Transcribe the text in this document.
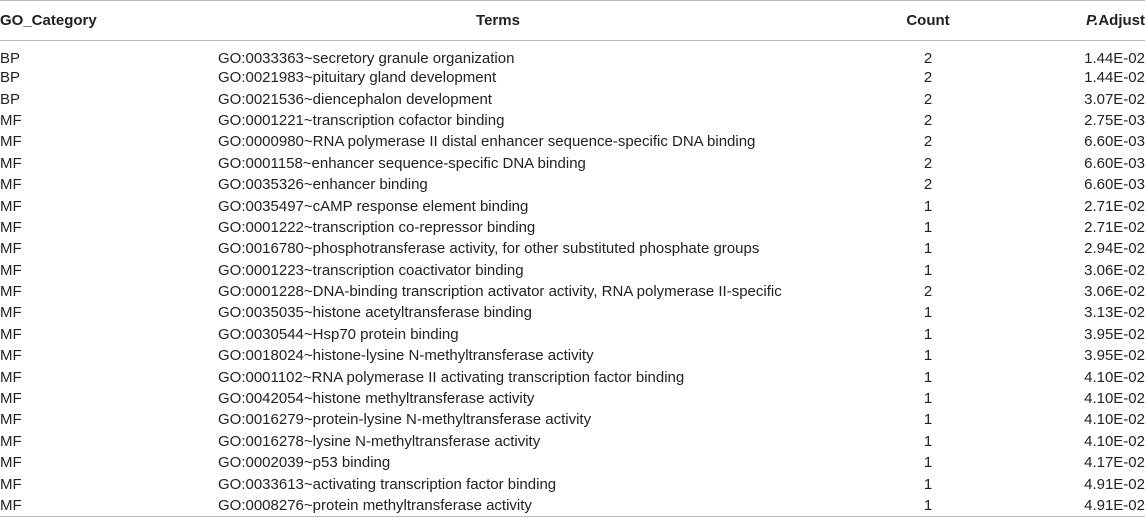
GO_Category	Terms	Count	P.Adjust
BP	GO:0033363~secretory granule organization	2	1.44E-02
BP	GO:0021983~pituitary gland development	2	1.44E-02
BP	GO:0021536~diencephalon development	2	3.07E-02
MF	GO:0001221~transcription cofactor binding	2	2.75E-03
MF	GO:0000980~RNA polymerase II distal enhancer sequence-specific DNA binding	2	6.60E-03
MF	GO:0001158~enhancer sequence-specific DNA binding	2	6.60E-03
MF	GO:0035326~enhancer binding	2	6.60E-03
MF	GO:0035497~cAMP response element binding	1	2.71E-02
MF	GO:0001222~transcription co-repressor binding	1	2.71E-02
MF	GO:0016780~phosphotransferase activity, for other substituted phosphate groups	1	2.94E-02
MF	GO:0001223~transcription coactivator binding	1	3.06E-02
MF	GO:0001228~DNA-binding transcription activator activity, RNA polymerase II-specific	2	3.06E-02
MF	GO:0035035~histone acetyltransferase binding	1	3.13E-02
MF	GO:0030544~Hsp70 protein binding	1	3.95E-02
MF	GO:0018024~histone-lysine N-methyltransferase activity	1	3.95E-02
MF	GO:0001102~RNA polymerase II activating transcription factor binding	1	4.10E-02
MF	GO:0042054~histone methyltransferase activity	1	4.10E-02
MF	GO:0016279~protein-lysine N-methyltransferase activity	1	4.10E-02
MF	GO:0016278~lysine N-methyltransferase activity	1	4.10E-02
MF	GO:0002039~p53 binding	1	4.17E-02
MF	GO:0033613~activating transcription factor binding	1	4.91E-02
MF	GO:0008276~protein methyltransferase activity	1	4.91E-02
